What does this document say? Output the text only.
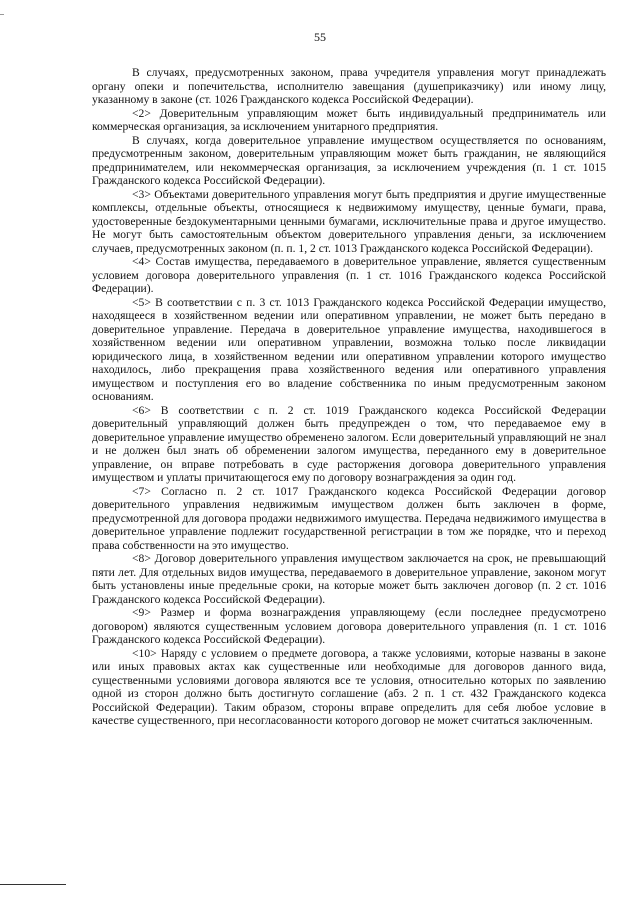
55

В случаях, предусмотренных законом, права учредителя управления могут принадлежать органу опеки и попечительства, исполнителю завещания (душеприказчику) или иному лицу, указанному в законе (ст. 1026 Гражданского кодекса Российской Федерации).

<2> Доверительным управляющим может быть индивидуальный предприниматель или коммерческая организация, за исключением унитарного предприятия.

В случаях, когда доверительное управление имуществом осуществляется по основаниям, предусмотренным законом, доверительным управляющим может быть гражданин, не являющийся предпринимателем, или некоммерческая организация, за исключением учреждения (п. 1 ст. 1015 Гражданского кодекса Российской Федерации).

<3> Объектами доверительного управления могут быть предприятия и другие имущественные комплексы, отдельные объекты, относящиеся к недвижимому имуществу, ценные бумаги, права, удостоверенные бездокументарными ценными бумагами, исключительные права и другое имущество. Не могут быть самостоятельным объектом доверительного управления деньги, за исключением случаев, предусмотренных законом (п. п. 1, 2 ст. 1013 Гражданского кодекса Российской Федерации).

<4> Состав имущества, передаваемого в доверительное управление, является существенным условием договора доверительного управления (п. 1 ст. 1016 Гражданского кодекса Российской Федерации).

<5> В соответствии с п. 3 ст. 1013 Гражданского кодекса Российской Федерации имущество, находящееся в хозяйственном ведении или оперативном управлении, не может быть передано в доверительное управление. Передача в доверительное управление имущества, находившегося в хозяйственном ведении или оперативном управлении, возможна только после ликвидации юридического лица, в хозяйственном ведении или оперативном управлении которого имущество находилось, либо прекращения права хозяйственного ведения или оперативного управления имуществом и поступления его во владение собственника по иным предусмотренным законом основаниям.

<6> В соответствии с п. 2 ст. 1019 Гражданского кодекса Российской Федерации доверительный управляющий должен быть предупрежден о том, что передаваемое ему в доверительное управление имущество обременено залогом. Если доверительный управляющий не знал и не должен был знать об обременении залогом имущества, переданного ему в доверительное управление, он вправе потребовать в суде расторжения договора доверительного управления имуществом и уплаты причитающегося ему по договору вознаграждения за один год.

<7> Согласно п. 2 ст. 1017 Гражданского кодекса Российской Федерации договор доверительного управления недвижимым имуществом должен быть заключен в форме, предусмотренной для договора продажи недвижимого имущества. Передача недвижимого имущества в доверительное управление подлежит государственной регистрации в том же порядке, что и переход права собственности на это имущество.

<8> Договор доверительного управления имуществом заключается на срок, не превышающий пяти лет. Для отдельных видов имущества, передаваемого в доверительное управление, законом могут быть установлены иные предельные сроки, на которые может быть заключен договор (п. 2 ст. 1016 Гражданского кодекса Российской Федерации).

<9> Размер и форма вознаграждения управляющему (если последнее предусмотрено договором) являются существенным условием договора доверительного управления (п. 1 ст. 1016 Гражданского кодекса Российской Федерации).

<10> Наряду с условием о предмете договора, а также условиями, которые названы в законе или иных правовых актах как существенные или необходимые для договоров данного вида, существенными условиями договора являются все те условия, относительно которых по заявлению одной из сторон должно быть достигнуто соглашение (абз. 2 п. 1 ст. 432 Гражданского кодекса Российской Федерации). Таким образом, стороны вправе определить для себя любое условие в качестве существенного, при несогласованности которого договор не может считаться заключенным.
